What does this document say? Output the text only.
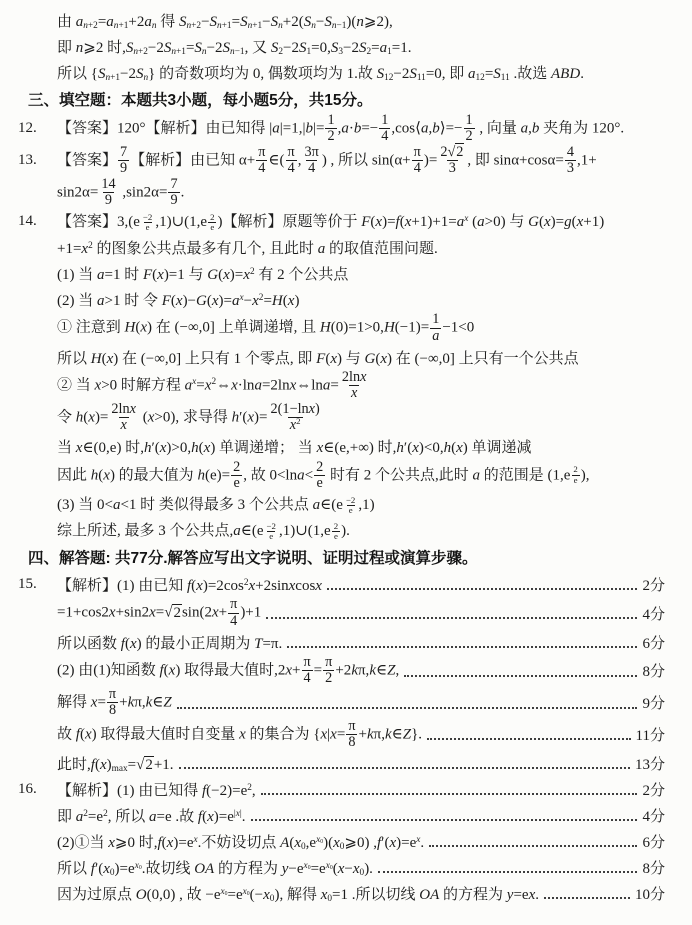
由 $a_{n+2}=a_{n+1}+2a_n$ 得 $S_{n+2}-S_{n+1}=S_{n+1}-S_n+2(S_n-S_{n-1})(n⩾2)$,
即 n⩾2 时$,S_{n+2}-2S_{n+1}=S_n-2S_{n-1}$, 又 $S_2-2S_1=0,S_3-2S_2=a_1=1$.
所以 $\{S_{n+1}-2S_n\}$ 的奇数项均为 0, 偶数项均为 1.故 $S_{12}-2S_{11}=0$, 即 $a_{12}=S_{11}$ .故选 ABD.
三、填空题：本题共3小题，每小题5分，共15分。
12. 【答案】120°【解析】由已知得 $|a|=1,|b|= \frac{1}{2} ,a\cdot b=- \frac{1}{4}$ ,cos⟨a,b⟩=− $\frac{1}{2}$ , 向量 a,b 夹角为 120°.
13. 【答案】 $\frac{7}{9}$ 【解析】由已知 $\alpha+ \frac{\pi}{4}$ ∈( $\frac{\pi}{4}$ , $\frac{3\pi}{4}$ ) , 所以 $\sin(\alpha+ \frac{\pi}{4}$ )= $\frac{2√2}{3}$ , 即 $\sin\alpha+\cos\alpha= \frac{4}{3} ,1+$
$\sin 2\alpha= \frac{14}{9} ,\sin 2\alpha= \frac{7}{9}$ .
14. 【答案】3,(e $^{\frac{-2}{e}}$ ,1)∪(1,e $^{\frac{2}{e}}$ )【解析】原题等价于 $F(x)=f(x+1)+1=a^x$ (a>0) 与 G(x)=g(x+1)
$+1=x^2$ 的图象公共点最多有几个, 且此时 a 的取值范围问题.
(1) 当 a=1 时 F(x)=1 与 $G(x)=x^2$ 有 2 个公共点
(2) 当 a>1 时 令 $F(x)-G(x)=a^x-x^2=H(x)$
① 注意到 H(x) 在 (−∞,0] 上单调递增, 且 $H(0)=1>0,H(-1)= \frac{1}{a} -1<0$
所以 H(x) 在 (−∞,0] 上只有 1 个零点, 即 F(x) 与 G(x) 在 (−∞,0] 上只有一个公共点
② 当 x>0 时解方程 $a^x=x^2\Leftrightarrow x\cdot\ln a=2\ln x\Leftrightarrow\ln a= \frac{2\ln x}{x}$
令 $h(x)= \frac{2\ln x}{x} (x>0)$, 求导得 $h'(x)= \frac{2(1-\ln x)}{x^2}$
当 x∈(0,e) 时,h′(x)>0,h(x) 单调递增； 当 x∈(e,+∞) 时,h′(x)<0,h(x) 单调递减
因此 h(x) 的最大值为 $h(e)= \frac{2}{e}$ , 故 $0<\ln a< \frac{2}{e}$ 时有 2 个公共点,此时 a 的范围是 (1,e $^{\frac{2}{e}}$ ),
(3) 当 0<a<1 时 类似得最多 3 个公共点 a∈(e $^{\frac{-2}{e}}$ ,1)
综上所述, 最多 3 个公共点,a∈(e $^{\frac{-2}{e}}$ ,1)∪(1,e $^{\frac{2}{e}}$ ).
四、解答题: 共77分.解答应写出文字说明、证明过程或演算步骤。
15. 【解析】(1) 由已知 $f(x)=2\cos^2x+2sinxcosx$	2分
$=1+\cos 2x+\sin 2x=√2\sin(2x+ \frac{\pi}{4} )+1$	4分
所以函数 f(x) 的最小正周期为 T=π.	6分
(2) 由(1)知函数 f(x) 取得最大值时$,2x+ \frac{\pi}{4} = \frac{\pi}{2}$ +2kπ,k∈Z,	8分
解得 $x= \frac{\pi}{8}$ +kπ,k∈Z	9分
故 f(x) 取得最大值时自变量 x 的集合为 {$x|x= \frac{\pi}{8}$ +kπ,k∈Z}.	11分
此时$,f(x)_{max}=√2+1$.	13分
16. 【解析】(1) 由已知得 $f(-2)=e^2$,	2分
即 $a^2=e^2$, 所以 a=e .故 $f(x)=e^{|x|}$.	4分
(2)①当 x⩾0 时$,f(x)=e^x$.不妨设切点 $A(x_0,e^{x_0})(x_0⩾0)$ $,f'(x)=e^x$.	6分
所以 $f'(x_0)=e^{x_0}$.故切线 OA 的方程为 $y-e^{x_0}=e^{x_0}(x-x_0)$.	8分
因为过原点 O(0,0) , 故 $-e^{x_0}=e^{x_0}(-x_0)$, 解得 $x_0=1$ .所以切线 OA 的方程为 y=ex.	10分
